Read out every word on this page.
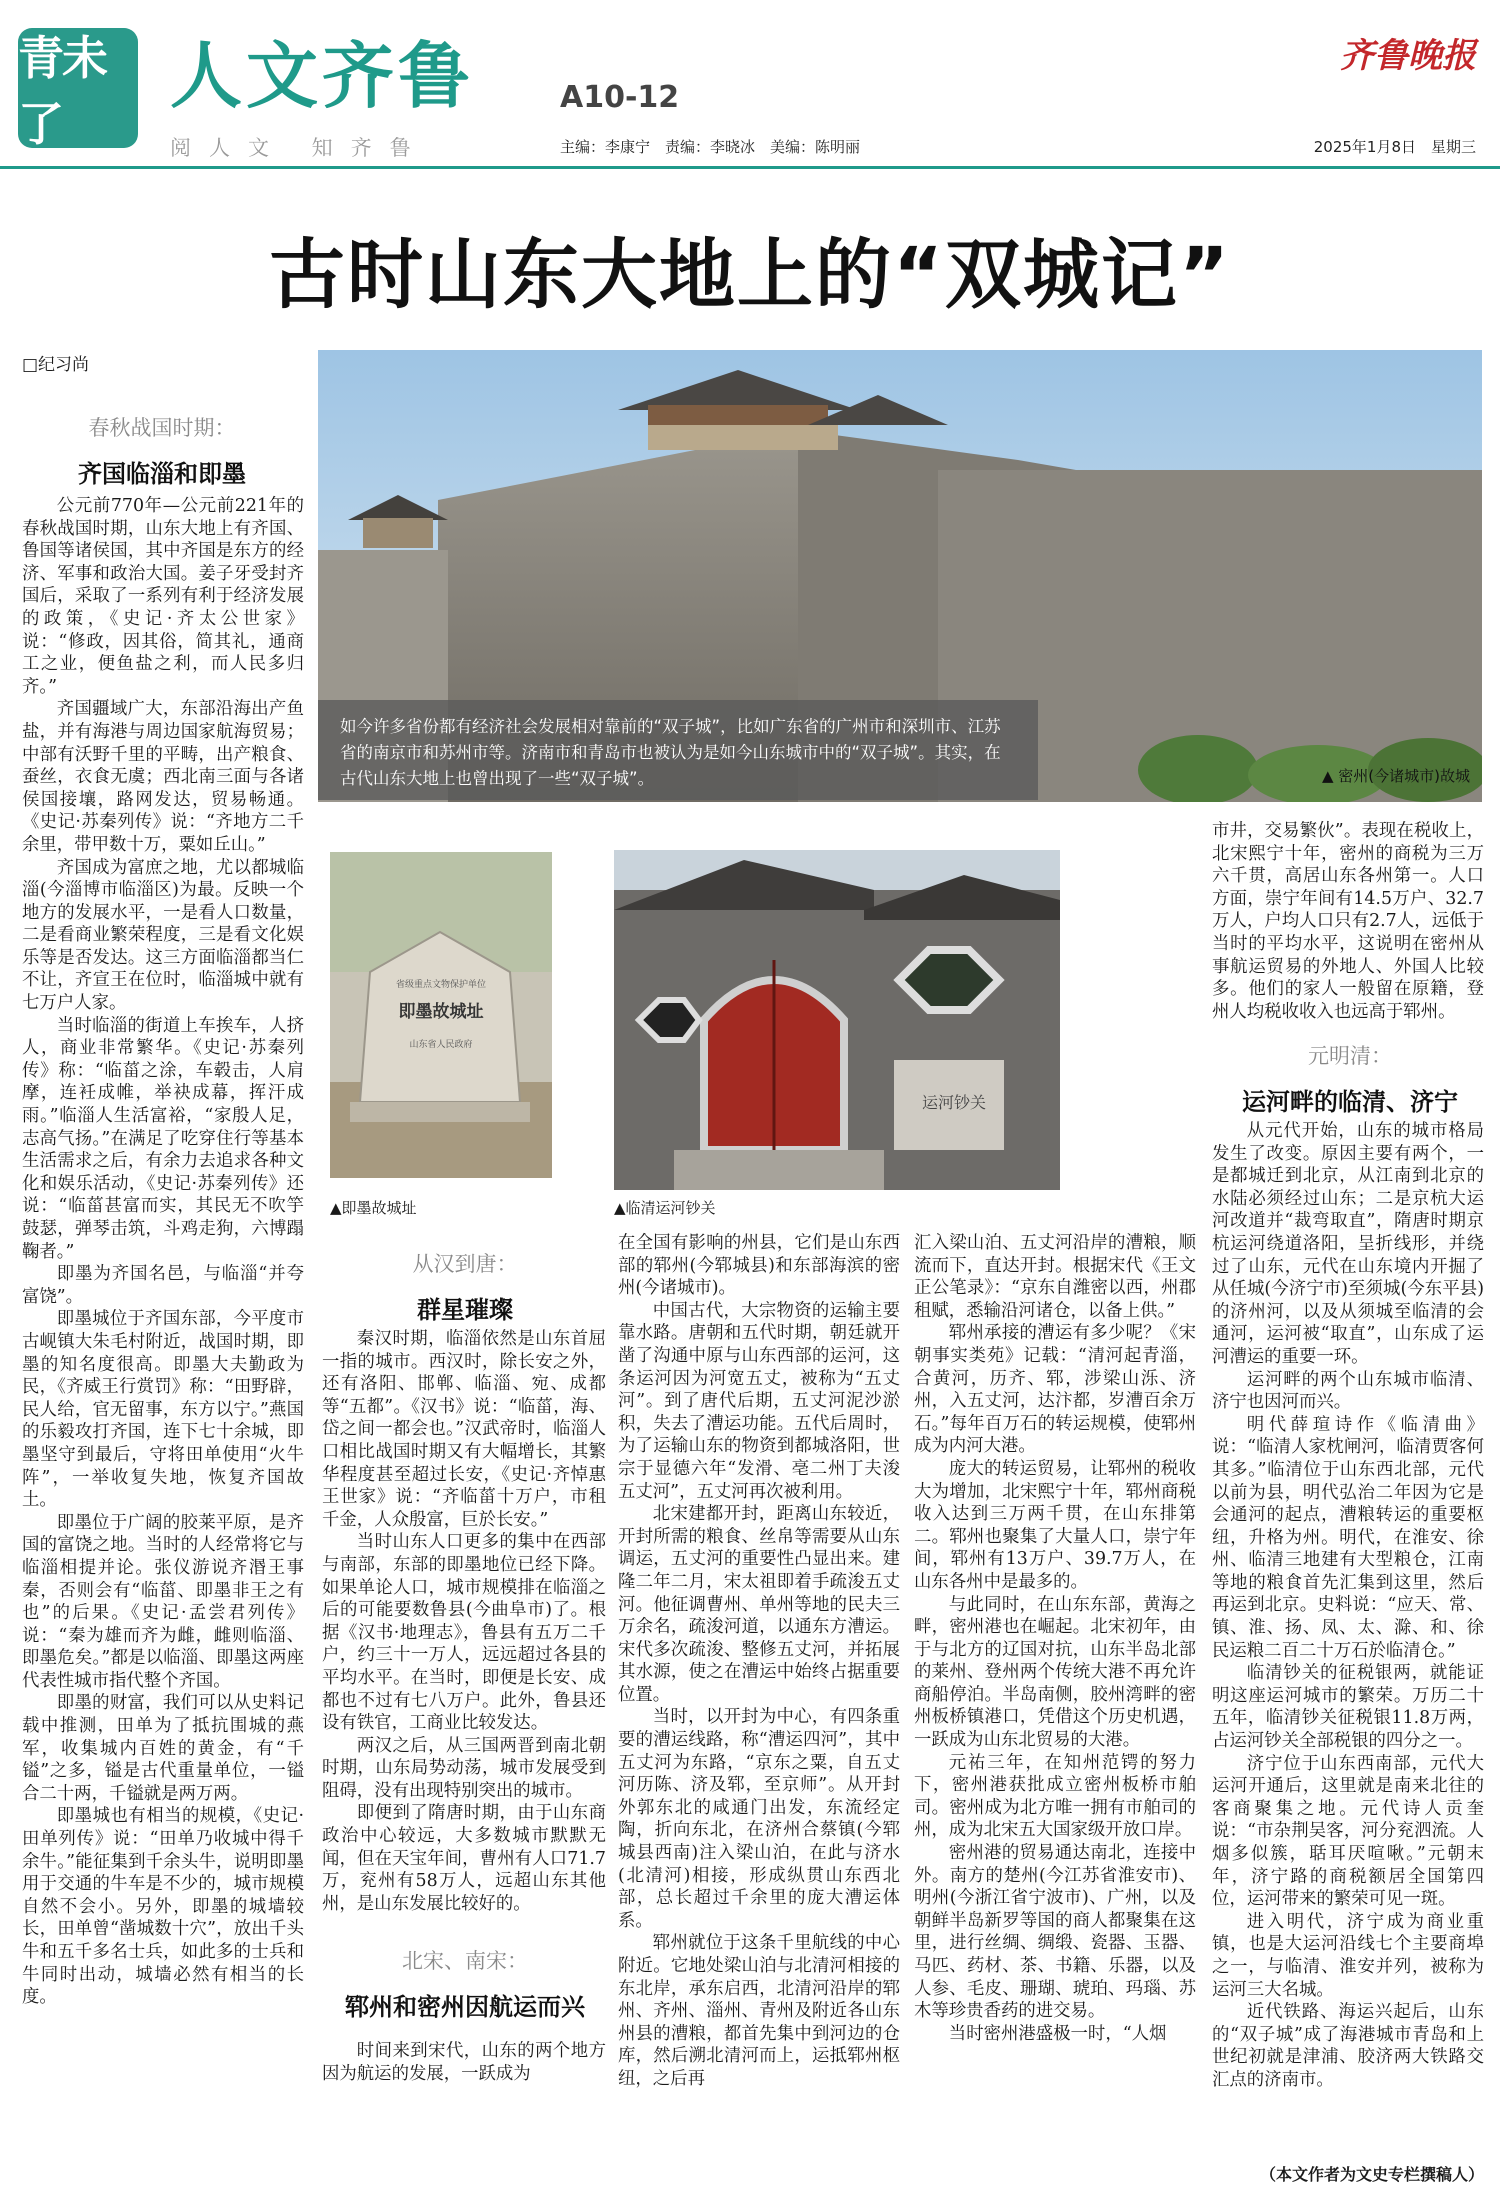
青未了
人文齐鲁	A10-12
齐鲁晚报
阅人文 知齐鲁	主编：李康宁　责编：李晓冰　美编：陈明丽	2025年1月8日　星期三
古时山东大地上的“双城记”
□纪习尚
如今许多省份都有经济社会发展相对靠前的“双子城”，比如广东省的广州市和深圳市、江苏省的南京市和苏州市等。济南市和青岛市也被认为是如今山东城市中的“双子城”。其实，在古代山东大地上也曾出现了一些“双子城”。	▲ 密州(今诸城市)故城
省级重点文物保护单位
即墨故城址
山东省人民政府
▲即墨故城址
运河钞关
▲临清运河钞关
春秋战国时期：
齐国临淄和即墨
从汉到唐：
群星璀璨
北宋、南宋：
郓州和密州因航运而兴
元明清：
运河畔的临清、济宁

公元前770年—公元前221年的春秋战国时期，山东大地上有齐国、鲁国等诸侯国，其中齐国是东方的经济、军事和政治大国。姜子牙受封齐国后，采取了一系列有利于经济发展的政策，《史记·齐太公世家》说：“修政，因其俗，简其礼，通商工之业，便鱼盐之利，而人民多归齐。”

齐国疆域广大，东部沿海出产鱼盐，并有海港与周边国家航海贸易；中部有沃野千里的平畴，出产粮食、蚕丝，衣食无虞；西北南三面与各诸侯国接壤，路网发达，贸易畅通。《史记·苏秦列传》说：“齐地方二千余里，带甲数十万，粟如丘山。”

齐国成为富庶之地，尤以都城临淄(今淄博市临淄区)为最。反映一个地方的发展水平，一是看人口数量，二是看商业繁荣程度，三是看文化娱乐等是否发达。这三方面临淄都当仁不让，齐宣王在位时，临淄城中就有七万户人家。

当时临淄的街道上车挨车，人挤人，商业非常繁华。《史记·苏秦列传》称：“临菑之涂，车毂击，人肩摩，连衽成帷，举袂成幕，挥汗成雨。”临淄人生活富裕，“家殷人足，志高气扬。”在满足了吃穿住行等基本生活需求之后，有余力去追求各种文化和娱乐活动，《史记·苏秦列传》还说：“临菑甚富而实，其民无不吹竽鼓瑟，弹琴击筑，斗鸡走狗，六博蹋鞠者。”

即墨为齐国名邑，与临淄“并夸富饶”。

即墨城位于齐国东部，今平度市古岘镇大朱毛村附近，战国时期，即墨的知名度很高。即墨大夫勤政为民，《齐威王行赏罚》称：“田野辟，民人给，官无留事，东方以宁。”燕国的乐毅攻打齐国，连下七十余城，即墨坚守到最后，守将田单使用“火牛阵”，一举收复失地，恢复齐国故土。

即墨位于广阔的胶莱平原，是齐国的富饶之地。当时的人经常将它与临淄相提并论。张仪游说齐湣王事秦，否则会有“临菑、即墨非王之有也”的后果。《史记·孟尝君列传》说：“秦为雄而齐为雌，雌则临淄、即墨危矣。”都是以临淄、即墨这两座代表性城市指代整个齐国。

即墨的财富，我们可以从史料记载中推测，田单为了抵抗围城的燕军，收集城内百姓的黄金，有“千镒”之多，镒是古代重量单位，一镒合二十两，千镒就是两万两。

即墨城也有相当的规模，《史记·田单列传》说：“田单乃收城中得千余牛。”能征集到千余头牛，说明即墨用于交通的牛车是不少的，城市规模自然不会小。另外，即墨的城墙较长，田单曾“凿城数十穴”，放出千头牛和五千多名士兵，如此多的士兵和牛同时出动，城墙必然有相当的长度。

秦汉时期，临淄依然是山东首屈一指的城市。西汉时，除长安之外，还有洛阳、邯郸、临淄、宛、成都等“五都”。《汉书》说：“临菑，海、岱之间一都会也。”汉武帝时，临淄人口相比战国时期又有大幅增长，其繁华程度甚至超过长安，《史记·齐悼惠王世家》说：“齐临菑十万户，市租千金，人众殷富，巨於长安。”

当时山东人口更多的集中在西部与南部，东部的即墨地位已经下降。如果单论人口，城市规模排在临淄之后的可能要数鲁县(今曲阜市)了。根据《汉书·地理志》，鲁县有五万二千户，约三十一万人，远远超过各县的平均水平。在当时，即便是长安、成都也不过有七八万户。此外，鲁县还设有铁官，工商业比较发达。

两汉之后，从三国两晋到南北朝时期，山东局势动荡，城市发展受到阻碍，没有出现特别突出的城市。

即便到了隋唐时期，由于山东商政治中心较远，大多数城市默默无闻，但在天宝年间，曹州有人口71.7万，兖州有58万人，远超山东其他州，是山东发展比较好的。

时间来到宋代，山东的两个地方因为航运的发展，一跃成为

在全国有影响的州县，它们是山东西部的郓州(今郓城县)和东部海滨的密州(今诸城市)。

中国古代，大宗物资的运输主要靠水路。唐朝和五代时期，朝廷就开凿了沟通中原与山东西部的运河，这条运河因为河宽五丈，被称为“五丈河”。到了唐代后期，五丈河泥沙淤积，失去了漕运功能。五代后周时，为了运输山东的物资到都城洛阳，世宗于显德六年“发滑、亳二州丁夫浚五丈河”，五丈河再次被利用。

北宋建都开封，距离山东较近，开封所需的粮食、丝帛等需要从山东调运，五丈河的重要性凸显出来。建隆二年二月，宋太祖即着手疏浚五丈河。他征调曹州、单州等地的民夫三万余名，疏浚河道，以通东方漕运。宋代多次疏浚、整修五丈河，并拓展其水源，使之在漕运中始终占据重要位置。

当时，以开封为中心，有四条重要的漕运线路，称“漕运四河”，其中五丈河为东路，“京东之粟，自五丈河历陈、济及郓，至京师”。从开封外郭东北的咸通门出发，东流经定陶，折向东北，在济州合蔡镇(今郓城县西南)注入梁山泊，在此与济水(北清河)相接，形成纵贯山东西北部，总长超过千余里的庞大漕运体系。

郓州就位于这条千里航线的中心附近。它地处梁山泊与北清河相接的东北岸，承东启西，北清河沿岸的郓州、齐州、淄州、青州及附近各山东州县的漕粮，都首先集中到河边的仓库，然后溯北清河而上，运抵郓州枢纽，之后再

汇入梁山泊、五丈河沿岸的漕粮，顺流而下，直达开封。根据宋代《王文正公笔录》：“京东自潍密以西，州郡租赋，悉输沿河诸仓，以备上供。”

郓州承接的漕运有多少呢？《宋朝事实类苑》记载：“清河起青淄，合黄河，历齐、郓，涉梁山泺、济州，入五丈河，达汴都，岁漕百余万石。”每年百万石的转运规模，使郓州成为内河大港。

庞大的转运贸易，让郓州的税收大为增加，北宋熙宁十年，郓州商税收入达到三万两千贯，在山东排第二。郓州也聚集了大量人口，崇宁年间，郓州有13万户、39.7万人，在山东各州中是最多的。

与此同时，在山东东部，黄海之畔，密州港也在崛起。北宋初年，由于与北方的辽国对抗，山东半岛北部的莱州、登州两个传统大港不再允许商船停泊。半岛南侧，胶州湾畔的密州板桥镇港口，凭借这个历史机遇，一跃成为山东北贸易的大港。

元祐三年，在知州范锷的努力下，密州港获批成立密州板桥市舶司。密州成为北方唯一拥有市舶司的州，成为北宋五大国家级开放口岸。

密州港的贸易通达南北，连接中外。南方的楚州(今江苏省淮安市)、明州(今浙江省宁波市)、广州，以及朝鲜半岛新罗等国的商人都聚集在这里，进行丝绸、绸缎、瓷器、玉器、马匹、药材、茶、书籍、乐器，以及人参、毛皮、珊瑚、琥珀、玛瑙、苏木等珍贵香药的进交易。

当时密州港盛极一时，“人烟

市井，交易繁伙”。表现在税收上，北宋熙宁十年，密州的商税为三万六千贯，高居山东各州第一。人口方面，崇宁年间有14.5万户、32.7万人，户均人口只有2.7人，远低于当时的平均水平，这说明在密州从事航运贸易的外地人、外国人比较多。他们的家人一般留在原籍，登州人均税收收入也远高于郓州。

从元代开始，山东的城市格局发生了改变。原因主要有两个，一是都城迁到北京，从江南到北京的水陆必须经过山东；二是京杭大运河改道并“裁弯取直”，隋唐时期京杭运河绕道洛阳，呈折线形，并绕过了山东，元代在山东境内开掘了从任城(今济宁市)至须城(今东平县)的济州河，以及从须城至临清的会通河，运河被“取直”，山东成了运河漕运的重要一环。

运河畔的两个山东城市临清、济宁也因河而兴。

明代薛瑄诗作《临清曲》说：“临清人家枕闸河，临清贾客何其多。”临清位于山东西北部，元代以前为县，明代弘治二年因为它是会通河的起点，漕粮转运的重要枢纽，升格为州。明代，在淮安、徐州、临清三地建有大型粮仓，江南等地的粮食首先汇集到这里，然后再运到北京。史料说：“应天、常、镇、淮、扬、凤、太、滁、和、徐民运粮二百二十万石於临清仓。”

临清钞关的征税银两，就能证明这座运河城市的繁荣。万历二十五年，临清钞关征税银11.8万两，占运河钞关全部税银的四分之一。

济宁位于山东西南部，元代大运河开通后，这里就是南来北往的客商聚集之地。元代诗人贡奎说：“市杂荆吴客，河分兖泗流。人烟多似簇，聒耳厌喧啾。”元朝末年，济宁路的商税额居全国第四位，运河带来的繁荣可见一斑。

进入明代，济宁成为商业重镇，也是大运河沿线七个主要商埠之一，与临清、淮安并列，被称为运河三大名城。

近代铁路、海运兴起后，山东的“双子城”成了海港城市青岛和上世纪初就是津浦、胶济两大铁路交汇点的济南市。

（本文作者为文史专栏撰稿人）
